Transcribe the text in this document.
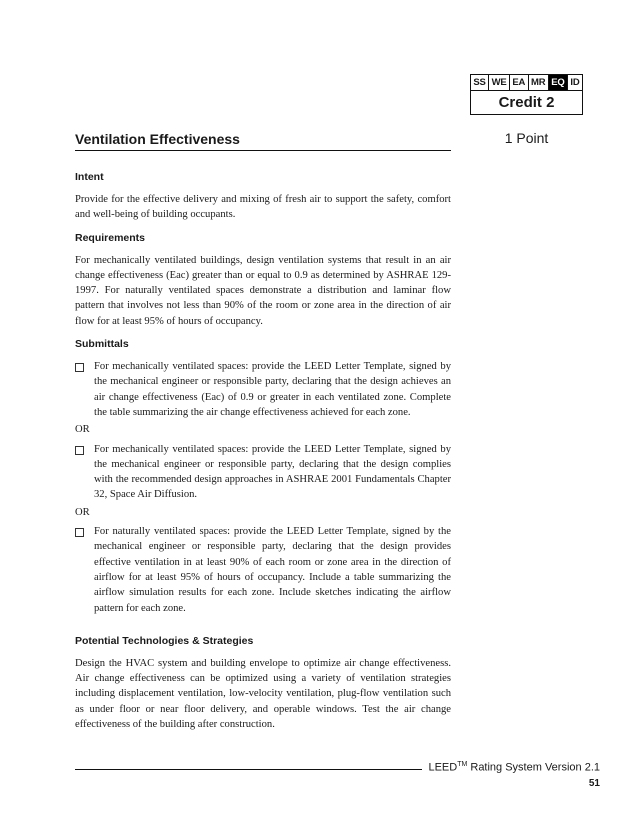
SS WE EA MR EQ ID
Credit 2
1 Point
Ventilation Effectiveness
Intent

Provide for the effective delivery and mixing of fresh air to support the safety, comfort and well-being of building occupants.

Requirements

For mechanically ventilated buildings, design ventilation systems that result in an air change effectiveness (Eac) greater than or equal to 0.9 as determined by ASHRAE 129-1997. For naturally ventilated spaces demonstrate a distribution and laminar flow pattern that involves not less than 90% of the room or zone area in the direction of air flow for at least 95% of hours of occupancy.

Submittals
For mechanically ventilated spaces: provide the LEED Letter Template, signed by the mechanical engineer or responsible party, declaring that the design achieves an air change effectiveness (Eac) of 0.9 or greater in each ventilated zone. Complete the table summarizing the air change effectiveness achieved for each zone.
OR
For mechanically ventilated spaces: provide the LEED Letter Template, signed by the mechanical engineer or responsible party, declaring that the design complies with the recommended design approaches in ASHRAE 2001 Fundamentals Chapter 32, Space Air Diffusion.
OR
For naturally ventilated spaces: provide the LEED Letter Template, signed by the mechanical engineer or responsible party, declaring that the design provides effective ventilation in at least 90% of each room or zone area in the direction of airflow for at least 95% of hours of occupancy. Include a table summarizing the airflow simulation results for each zone. Include sketches indicating the airflow pattern for each zone.
Potential Technologies & Strategies

Design the HVAC system and building envelope to optimize air change effectiveness. Air change effectiveness can be optimized using a variety of ventilation strategies including displacement ventilation, low-velocity ventilation, plug-flow ventilation such as under floor or near floor delivery, and operable windows. Test the air change effectiveness of the building after construction.

LEED™ Rating System Version 2.1
51
